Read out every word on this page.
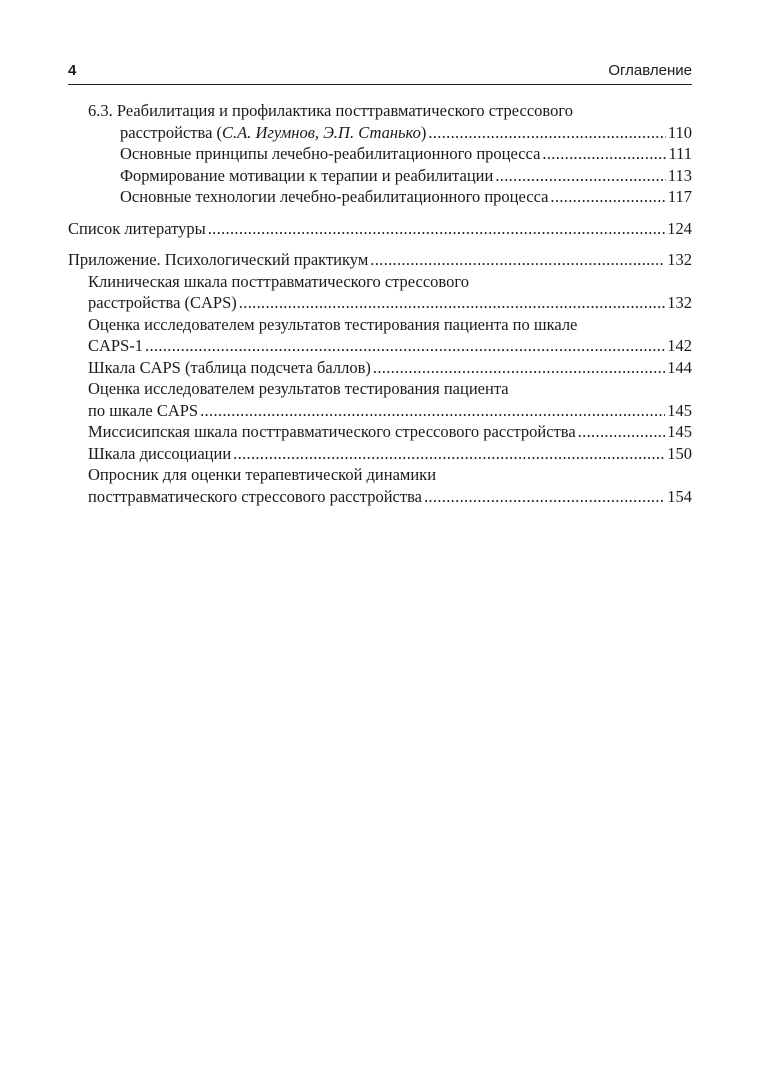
4	Оглавление
6.3. Реабилитация и профилактика посттравматического стрессового
расстройства (С.А. Игумнов, Э.П. Станько) . . .	110
Основные принципы лечебно-реабилитационного процесса . . .	111
Формирование мотивации к терапии и реабилитации . . .	113
Основные технологии лечебно-реабилитационного процесса . . .	117
Список литературы . . .	124
Приложение. Психологический практикум . . .	132
Клиническая шкала посттравматического стрессового
расстройства (CAPS) . . .	132
Оценка исследователем результатов тестирования пациента по шкале
CAPS-1 . . .	142
Шкала CAPS (таблица подсчета баллов) . . .	144
Оценка исследователем результатов тестирования пациента
по шкале CAPS . . .	145
Миссисипская шкала посттравматического стрессового расстройства . . .	145
Шкала диссоциации . . .	150
Опросник для оценки терапевтической динамики
посттравматического стрессового расстройства . . .	154
